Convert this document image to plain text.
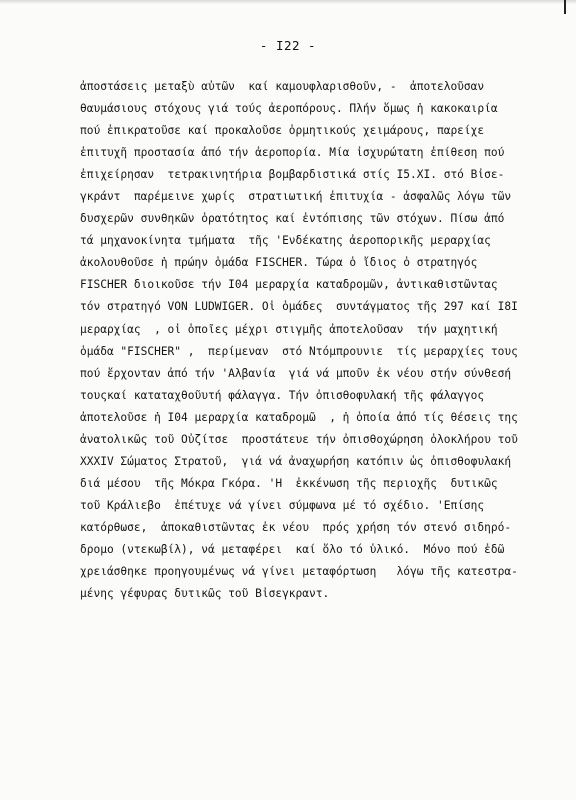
- I22 -
ἀποστάσεις μεταξὺ αὐτῶν  καί καμουφλαρισθοῦν, -  ἀποτελοῦσαν
θαυμάσιους στόχους γιά τούς ἀεροπόρους. Πλήν ὅμως ἡ κακοκαιρία
πού ἐπικρατοῦσε καί προκαλοῦσε ὁρμητικούς χειμάρους, παρείχε
ἐπιτυχῆ προστασία ἀπό τήν ἀεροπορία. Μία ἰσχυρώτατη ἐπίθεση πού
ἐπιχείρησαν  τετρακινητήρια βομβαρδιστικά στίς I5.XI. στό Βἰσε-
γκράντ  παρέμεινε χωρίς  στρατιωτική ἐπιτυχία - ἀσφαλῶς λόγω τῶν
δυσχερῶν συνθηκῶν ὁρατότητος καί ἐντόπισης τῶν στόχων. Πίσω ἀπό
τά μηχανοκίνητα τμήματα  τῆς 'Ενδέκατης ἀεροπορικῆς μεραρχίας
ἀκολουθοῦσε ἡ πρώην ὁμάδα FISCHER. Τώρα ὁ ἴδιος ὁ στρατηγός
FISCHER διοικοῦσε τήν I04 μεραρχία καταδρομῶν, ἀντικαθιστῶντας
τόν στρατηγό VON LUDWIGER. Οἱ ὁμάδες  συντάγματος τῆς 297 καί I8I
μεραρχίας  , οἱ ὁποῖες μέχρι στιγμῆς ἀποτελοῦσαν  τήν μαχητική
ὁμάδα "FISCHER" ,  περίμεναν  στό Ντόμπρουνιε  τίς μεραρχίες τους
πού ἔρχονταν ἀπό τήν 'Αλβανία  γιά νά μποῦν ἐκ νέου στήν σύνθεσή
τουςκαί καταταχθοῦυτή φάλαγγα. Τήν ὀπισθοφυλακή τῆς φάλαγγος
ἀποτελοῦσε ἡ I04 μεραρχία καταδρομῶ  , ἡ ὁποία ἀπό τίς θέσεις της
ἀνατολικῶς τοῦ Οὐζίτσε  προστάτευε τήν ὀπισθοχώρηση ὁλοκλήρου τοῦ
XXXIV Σώματος Στρατοῦ,  γιά νά ἀναχωρήση κατόπιν ὡς ὀπισθοφυλακή
διά μέσου  τῆς Μόκρα Γκόρα. 'Η  ἐκκένωση τῆς περιοχῆς  δυτικῶς
τοῦ Κράλιεβο  ἐπέτυχε νά γίνει σύμφωνα μέ τό σχέδιο. 'Επίσης
κατόρθωσε,  ἀποκαθιστῶντας ἐκ νέου  πρός χρήση τόν στενό σιδηρό-
δρομο (ντεκωβίλ), νά μεταφέρει  καί ὅλο τό ὑλικό.  Μόνο πού ἐδῶ
χρειάσθηκε προηγουμένως νά γίνει μεταφόρτωση   λόγω τῆς κατεστρα-
μένης γέφυρας δυτικῶς τοῦ Βἰσεγκραντ.
